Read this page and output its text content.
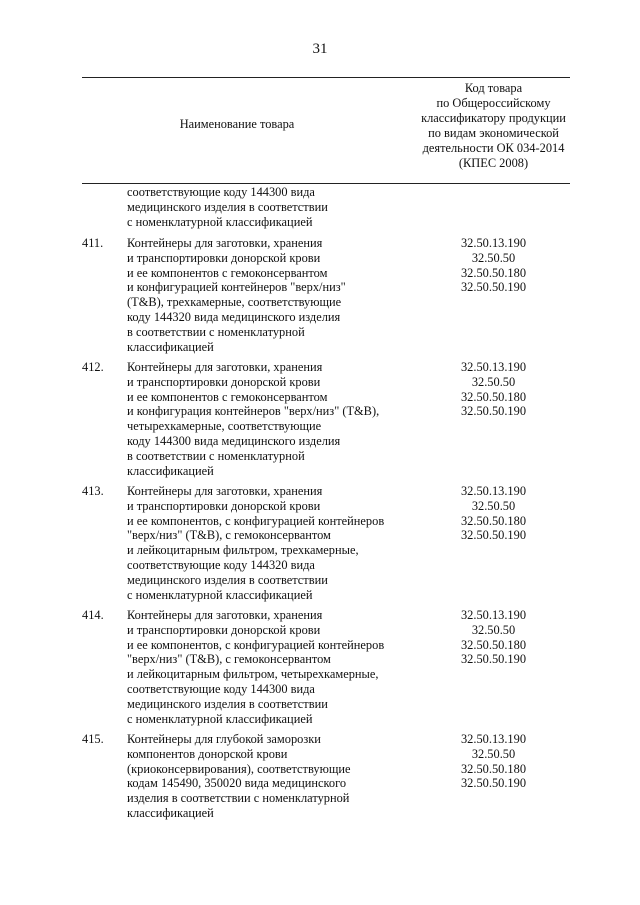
31
Наименование товара
Код товара
по Общероссийскому
классификатору продукции
по видам экономической
деятельности ОК 034-2014
(КПЕС 2008)
соответствующие коду 144300 вида
медицинского изделия в соответствии
с номенклатурной классификацией
411.	Контейнеры для заготовки, хранения
и транспортировки донорской крови
и ее компонентов с гемоконсервантом
и конфигурацией контейнеров "верх/низ"
(T&B), трехкамерные, соответствующие
коду 144320 вида медицинского изделия
в соответствии с номенклатурной
классификацией
32.50.13.190
32.50.50
32.50.50.180
32.50.50.190
412.	Контейнеры для заготовки, хранения
и транспортировки донорской крови
и ее компонентов с гемоконсервантом
и конфигурация контейнеров "верх/низ" (T&B),
четырехкамерные, соответствующие
коду 144300 вида медицинского изделия
в соответствии с номенклатурной
классификацией
32.50.13.190
32.50.50
32.50.50.180
32.50.50.190
413.	Контейнеры для заготовки, хранения
и транспортировки донорской крови
и ее компонентов, с конфигурацией контейнеров
"верх/низ" (T&B), с гемоконсервантом
и лейкоцитарным фильтром, трехкамерные,
соответствующие коду 144320 вида
медицинского изделия в соответствии
с номенклатурной классификацией
32.50.13.190
32.50.50
32.50.50.180
32.50.50.190
414.	Контейнеры для заготовки, хранения
и транспортировки донорской крови
и ее компонентов, с конфигурацией контейнеров
"верх/низ" (T&B), с гемоконсервантом
и лейкоцитарным фильтром, четырехкамерные,
соответствующие коду 144300 вида
медицинского изделия в соответствии
с номенклатурной классификацией
32.50.13.190
32.50.50
32.50.50.180
32.50.50.190
415.	Контейнеры для глубокой заморозки
компонентов донорской крови
(криоконсервирования), соответствующие
кодам 145490, 350020 вида медицинского
изделия в соответствии с номенклатурной
классификацией
32.50.13.190
32.50.50
32.50.50.180
32.50.50.190
